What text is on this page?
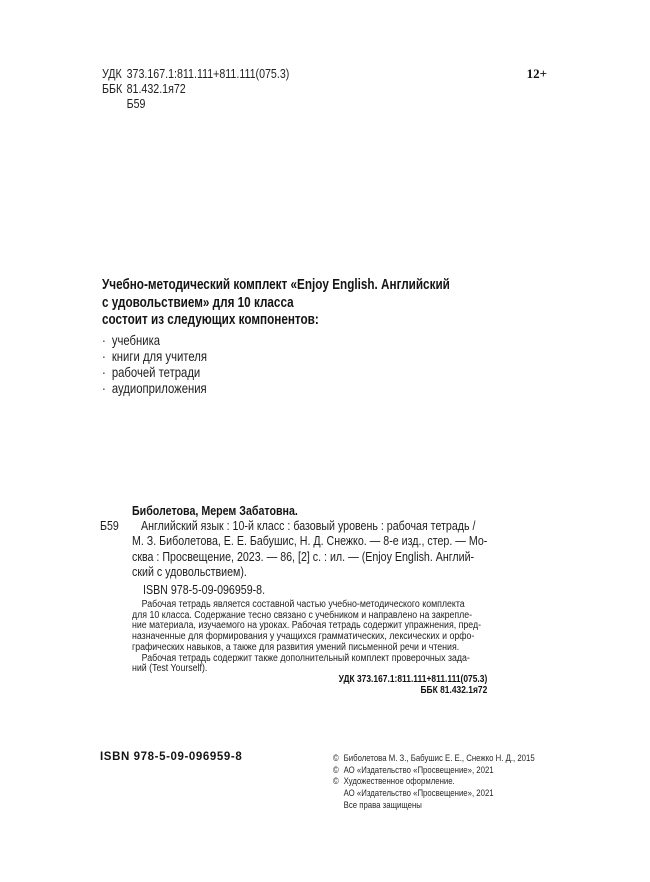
УДК 373.167.1:811.111+811.111(075.3)
ББК 81.432.1я72
Б59
12+
Учебно-методический комплект «Enjoy English. Английский
с удовольствием» для 10 класса
состоит из следующих компонентов:
· учебника
· книги для учителя
· рабочей тетради
· аудиоприложения
Биболетова, Мерем Забатовна.
Б59	Английский язык : 10-й класс : базовый уровень : рабочая тетрадь /
М. З. Биболетова, Е. Е. Бабушис, Н. Д. Снежко. — 8-е изд., стер. — Мо-
сква : Просвещение, 2023. — 86, [2] с. : ил. — (Enjoy English. Англий-
ский с удовольствием).
ISBN 978-5-09-096959-8.
Рабочая тетрадь является составной частью учебно-методического комплекта
для 10 класса. Содержание тесно связано с учебником и направлено на закрепле-
ние материала, изучаемого на уроках. Рабочая тетрадь содержит упражнения, пред-
назначенные для формирования у учащихся грамматических, лексических и орфо-
графических навыков, а также для развития умений письменной речи и чтения.
Рабочая тетрадь содержит также дополнительный комплект проверочных зада-
ний (Test Yourself).
УДК 373.167.1:811.111+811.111(075.3)
ББК 81.432.1я72
ISBN 978-5-09-096959-8	© Биболетова М. З., Бабушис Е. Е., Снежко Н. Д., 2015
© АО «Издательство «Просвещение», 2021
© Художественное оформление.
АО «Издательство «Просвещение», 2021
Все права защищены
